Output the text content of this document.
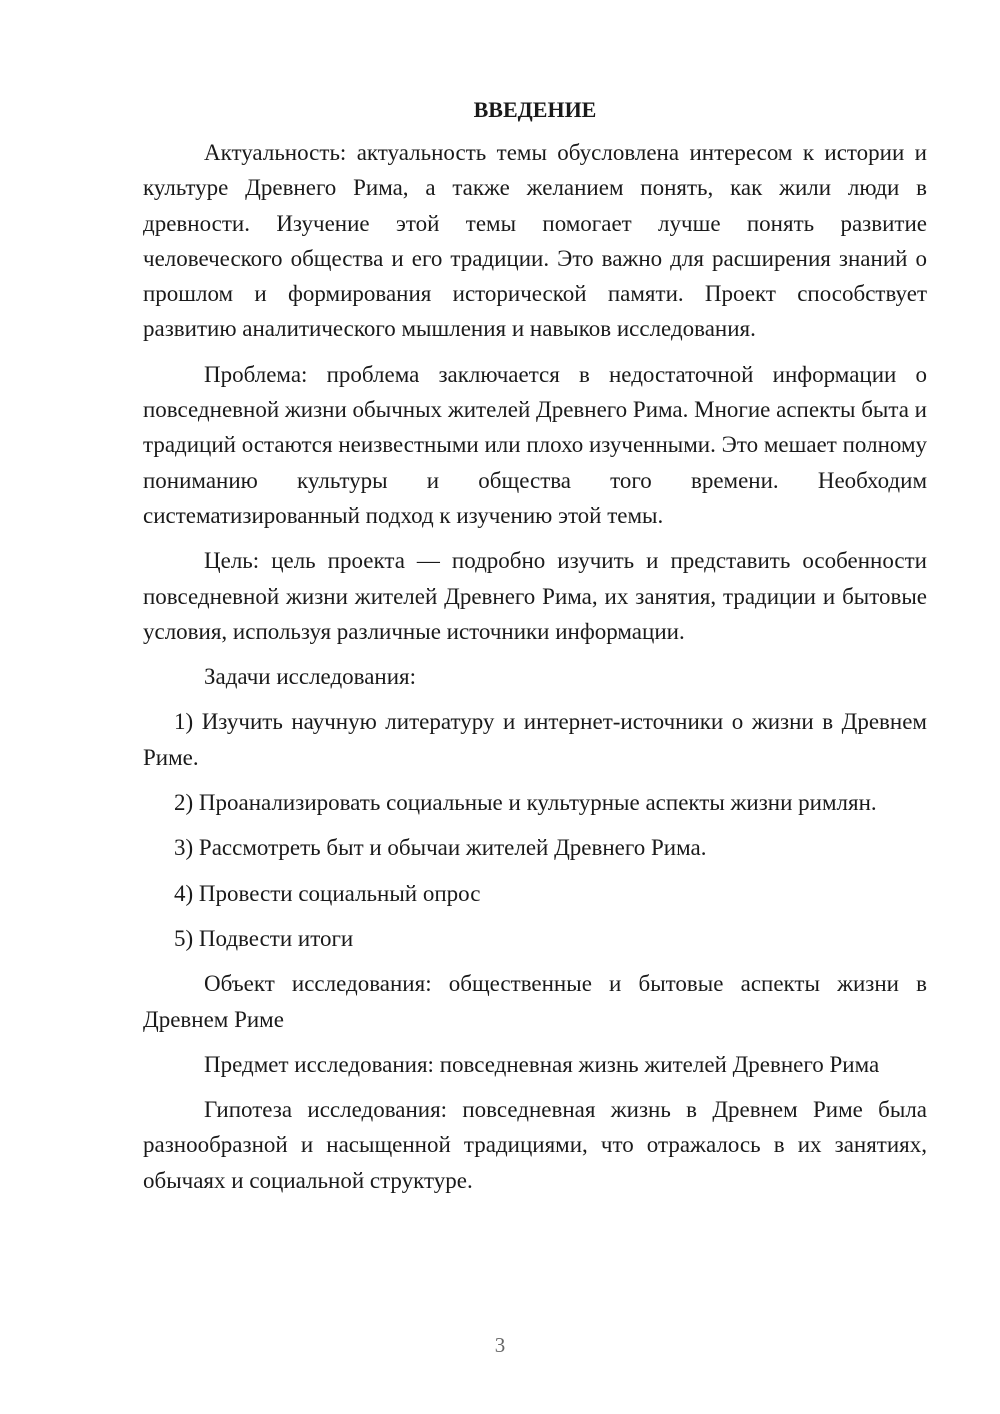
ВВЕДЕНИЕ

Актуальность: актуальность темы обусловлена интересом к истории и культуре Древнего Рима, а также желанием понять, как жили люди в древности. Изучение этой темы помогает лучше понять развитие человеческого общества и его традиции. Это важно для расширения знаний о прошлом и формирования исторической памяти. Проект способствует развитию аналитического мышления и навыков исследования.

Проблема: проблема заключается в недостаточной информации о повседневной жизни обычных жителей Древнего Рима. Многие аспекты быта и традиций остаются неизвестными или плохо изученными. Это мешает полному пониманию культуры и общества того времени. Необходим систематизированный подход к изучению этой темы.

Цель: цель проекта — подробно изучить и представить особенности повседневной жизни жителей Древнего Рима, их занятия, традиции и бытовые условия, используя различные источники информации.

Задачи исследования:

1) Изучить научную литературу и интернет-источники о жизни в Древнем Риме.

2) Проанализировать социальные и культурные аспекты жизни римлян.

3) Рассмотреть быт и обычаи жителей Древнего Рима.

4) Провести социальный опрос

5) Подвести итоги

Объект исследования: общественные и бытовые аспекты жизни в Древнем Риме

Предмет исследования: повседневная жизнь жителей Древнего Рима

Гипотеза исследования: повседневная жизнь в Древнем Риме была разнообразной и насыщенной традициями, что отражалось в их занятиях, обычаях и социальной структуре.

3
